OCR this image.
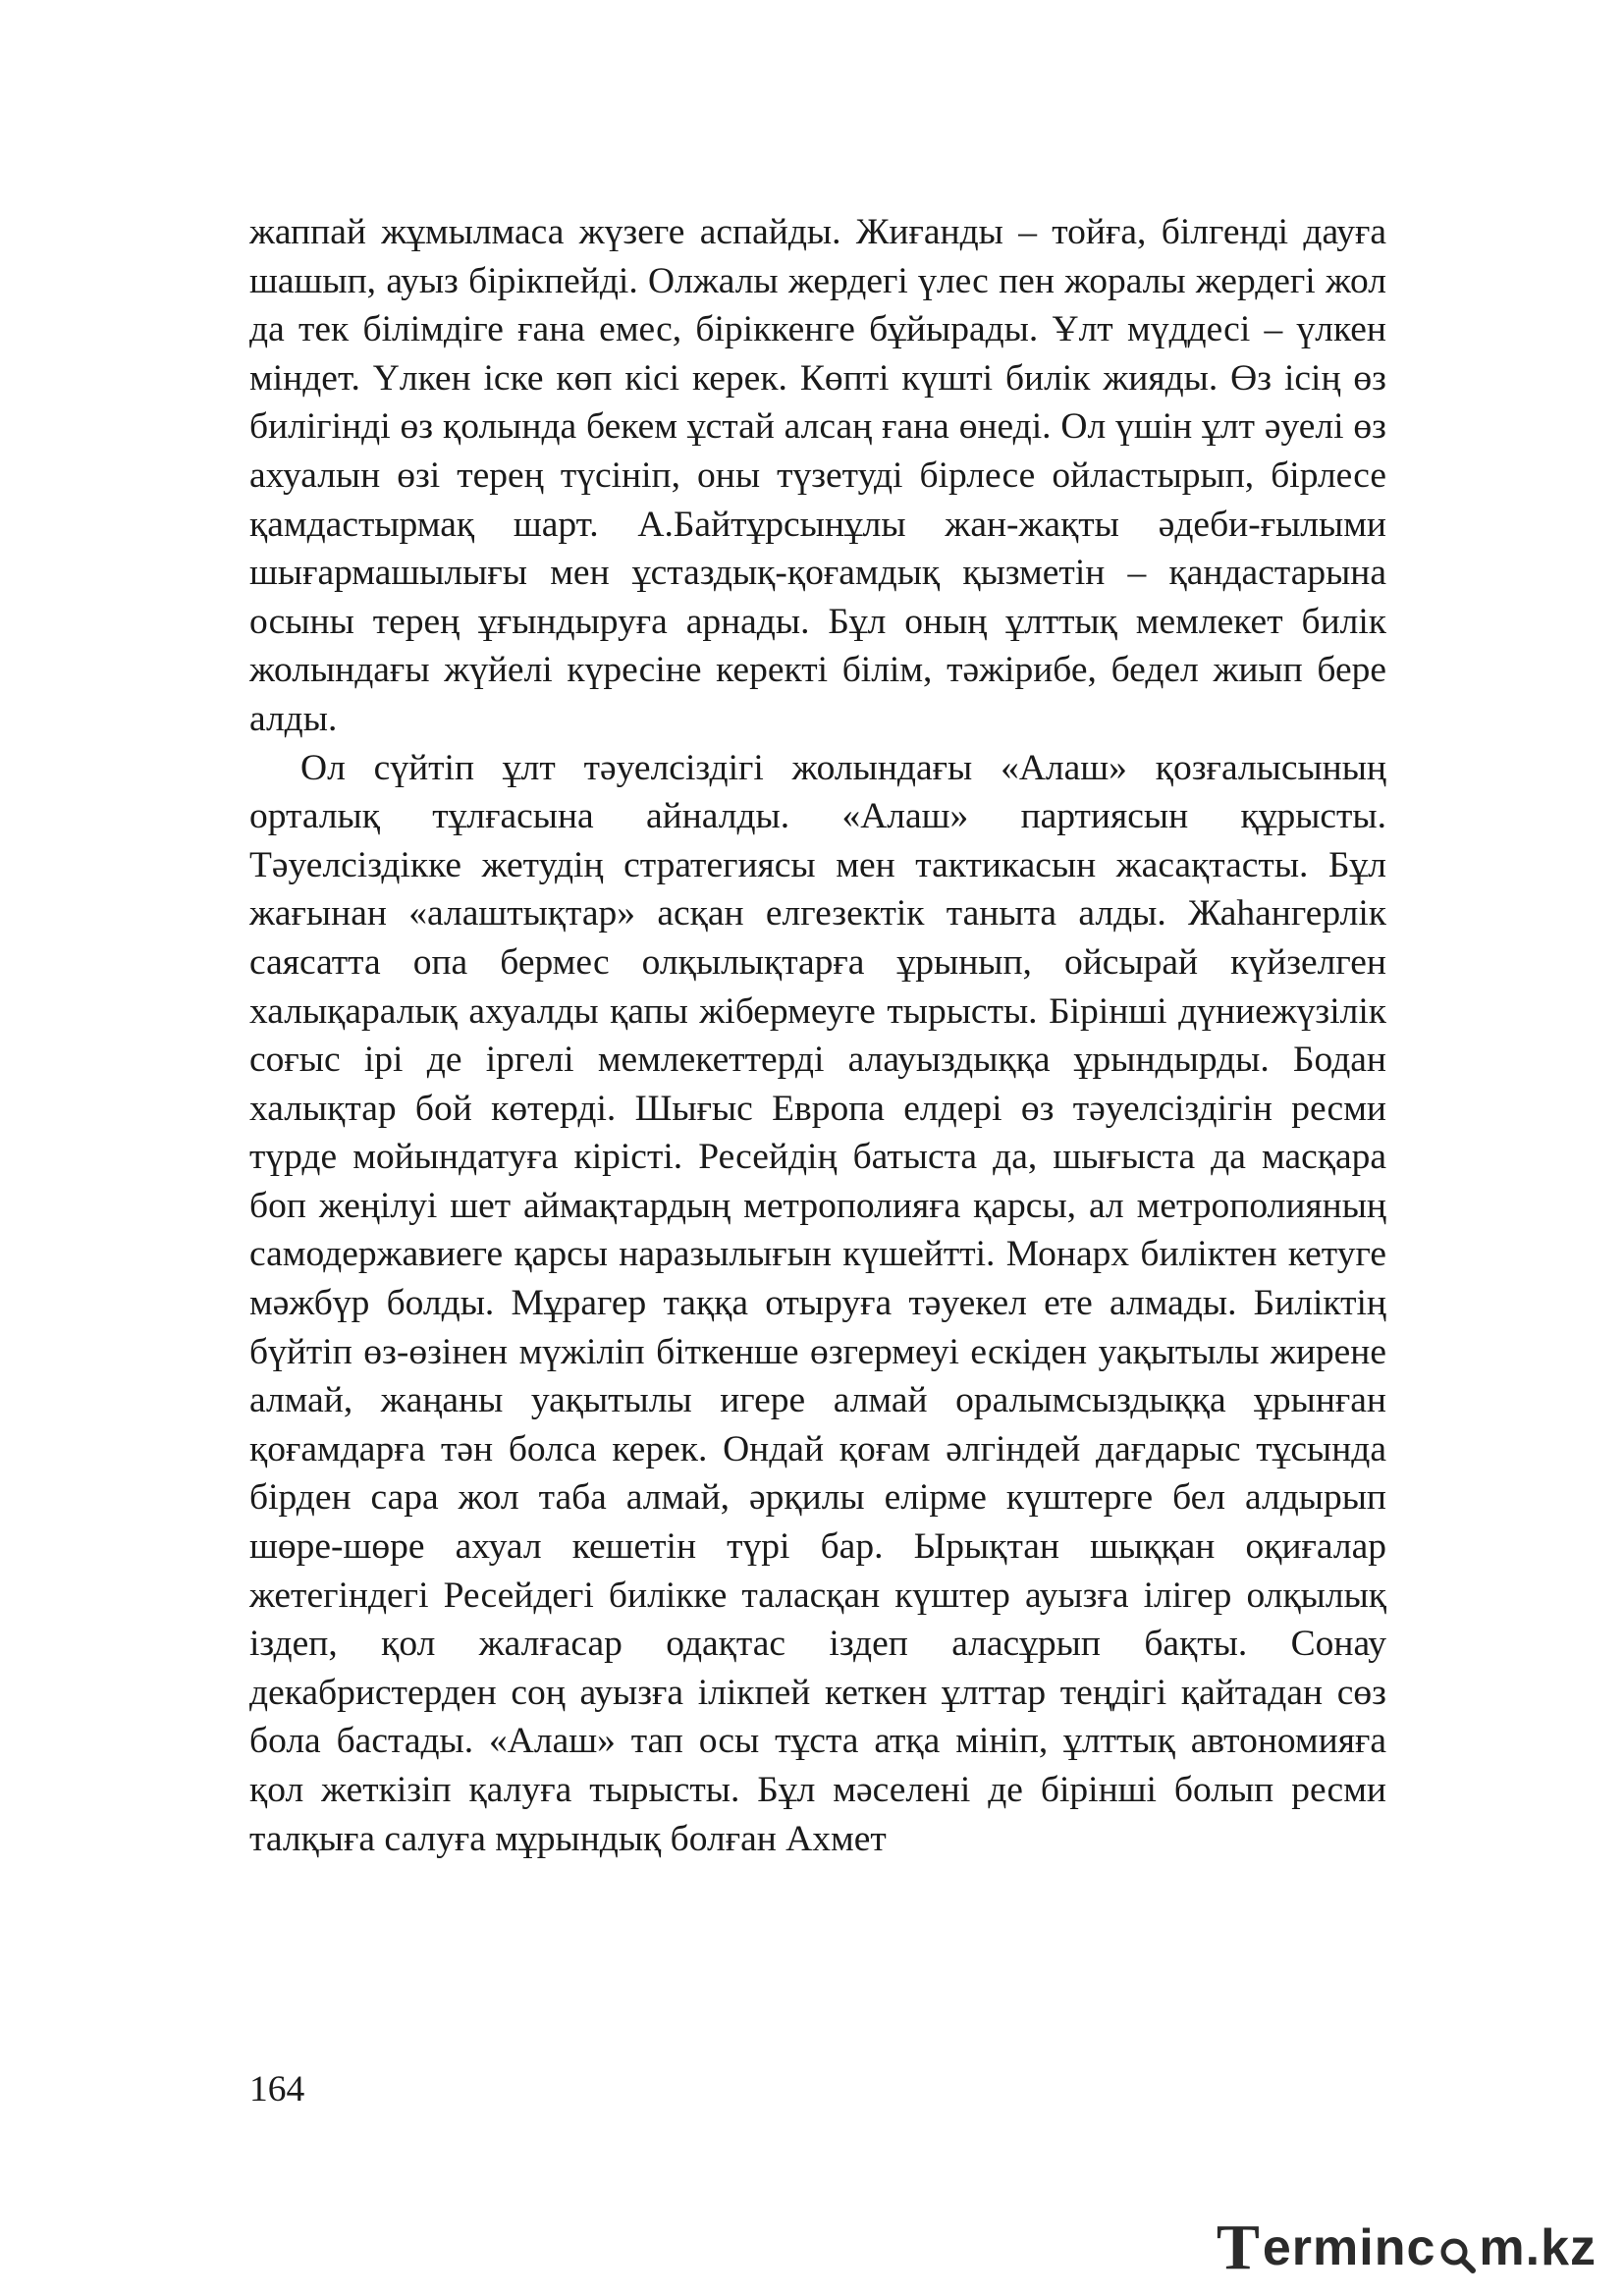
жаппай жұмылмаса жүзеге аспайды. Жиғанды – тойға, білгенді дауға шашып, ауыз бірікпейді. Олжалы жердегі үлес пен жоралы жердегі жол да тек білімдіге ғана емес, біріккенге бұйырады. Ұлт мүддесі – үлкен міндет. Үлкен іске көп кісі керек. Көпті күшті билік жияды. Өз ісің өз билігінді өз қолында бекем ұстай алсаң ғана өнеді. Ол үшін ұлт әуелі өз ахуалын өзі терең түсініп, оны түзетуді бірлесе ойластырып, бірлесе қамдастырмақ шарт. А.Байтұрсынұлы жан-жақты әдеби-ғылыми шығармашылығы мен ұстаздық-қоғамдық қызметін – қандастарына осыны терең ұғындыруға арнады. Бұл оның ұлттық мемлекет билік жолындағы жүйелі күресіне керекті білім, тәжірибе, бедел жиып бере алды.

Ол сүйтіп ұлт тәуелсіздігі жолындағы «Алаш» қозғалысының орталық тұлғасына айналды. «Алаш» партиясын құрысты. Тәуелсіздікке жетудің стратегиясы мен тактикасын жасақтасты. Бұл жағынан «алаштықтар» асқан елгезектік таныта алды. Жаһангерлік саясатта опа бермес олқылықтарға ұрынып, ойсырай күйзелген халықаралық ахуалды қапы жібермеуге тырысты. Бірінші дүниежүзілік соғыс ірі де іргелі мемлекеттерді алауыздыққа ұрындырды. Бодан халықтар бой көтерді. Шығыс Европа елдері өз тәуелсіздігін ресми түрде мойындатуға кірісті. Ресейдің батыста да, шығыста да масқара боп жеңілуі шет аймақтардың метрополияға қарсы, ал метрополияның самодержавиеге қарсы наразылығын күшейтті. Монарх биліктен кетуге мәжбүр болды. Мұрагер таққа отыруға тәуекел ете алмады. Биліктің бүйтіп өз-өзінен мүжіліп біткенше өзгермеуі ескіден уақытылы жирене алмай, жаңаны уақытылы игере алмай оралымсыздыққа ұрынған қоғамдарға тән болса керек. Ондай қоғам әлгіндей дағдарыс тұсында бірден сара жол таба алмай, әрқилы елірме күштерге бел алдырып шөре-шөре ахуал кешетін түрі бар. Ырықтан шыққан оқиғалар жетегіндегі Ресейдегі билікке таласқан күштер ауызға ілігер олқылық іздеп, қол жалғасар одақтас іздеп аласұрып бақты. Сонау декабристерден соң ауызға ілікпей кеткен ұлттар теңдігі қайтадан сөз бола бастады. «Алаш» тап осы тұста атқа мініп, ұлттық автономияға қол жеткізіп қалуға тырысты. Бұл мәселені де бірінші болып ресми талқыға салуға мұрындық болған Ахмет

164
T erminc m.kz
